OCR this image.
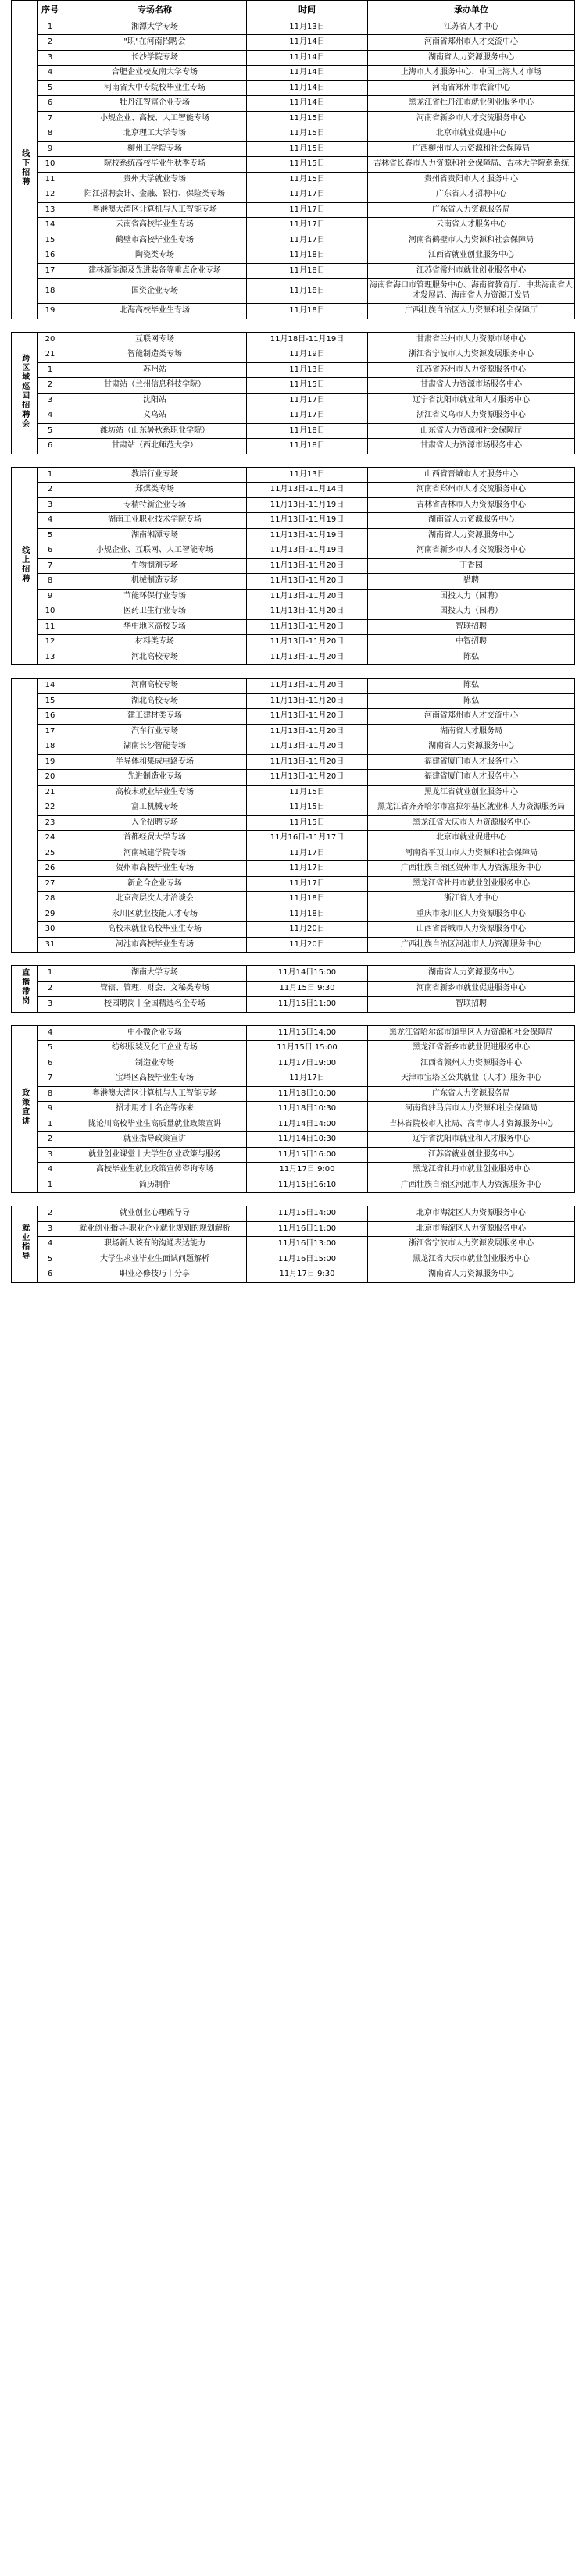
	序号	专场名称	时间	承办单位
线下招聘	1	湘潭大学专场	11月13日	江苏省人才中心
	2	"职"在河南招聘会	11月14日	河南省郑州市人才交流中心
	3	长沙学院专场	11月14日	湖南省人力资源服务中心
	4	合肥企业校友南大学专场	11月14日	上海市人才服务中心、中国上海人才市场
	5	河南省大中专院校毕业生专场	11月14日	河南省郑州市农管中心
	6	牡丹江智富企业专场	11月14日	黑龙江省牡丹江市就业创业服务中心
	7	小规企业、高校、人工智能专场	11月15日	河南省新乡市人才交流服务中心
	8	北京理工大学专场	11月15日	北京市就业促进中心
	9	柳州工学院专场	11月15日	广西柳州市人力资源和社会保障局
	10	院校系统高校毕业生秋季专场	11月15日	吉林省长春市人力资源和社会保障局、吉林大学院系系统
	11	贵州大学就业专场	11月15日	贵州省贵阳市人才服务中心
	12	阳江招聘会计、金融、银行、保险类专场	11月17日	广东省人才招聘中心
	13	粤港澳大湾区计算机与人工智能专场	11月17日	广东省人力资源服务局
	14	云南省高校毕业生专场	11月17日	云南省人才服务中心
	15	鹤壁市高校毕业生专场	11月17日	河南省鹤壁市人力资源和社会保障局
	16	陶瓷类专场	11月18日	江西省就业创业服务中心
	17	建林新能源及先进装备等重点企业专场	11月18日	江苏省常州市就业创业服务中心
	18	国资企业专场	11月18日	海南省海口市管理服务中心、海南省教育厅、中共海南省人才发展局、海南省人力资源开发局
	19	北海高校毕业生专场	11月18日	广西壮族自治区人力资源和社会保障厅
跨区域巡回招聘会	20	互联网专场	11月18日-11月19日	甘肃省兰州市人力资源市场中心
	21	智能制造类专场	11月19日	浙江省宁波市人力资源发展服务中心
	1	苏州站	11月13日	江苏省苏州市人力资源服务中心
	2	甘肃站（兰州信息科技学院）	11月15日	甘肃省人力资源市场服务中心
	3	沈阳站	11月17日	辽宁省沈阳市就业和人才服务中心
	4	义乌站	11月17日	浙江省义乌市人力资源服务中心
	5	潍坊站（山东暑秋系职业学院）	11月18日	山东省人力资源和社会保障厅
	6	甘肃站（西北师范大学）	11月18日	甘肃省人力资源市场服务中心
线上招聘	1	教培行业专场	11月13日	山西省晋城市人才服务中心
	2	郑煤类专场	11月13日-11月14日	河南省郑州市人才交流服务中心
	3	专精特新企业专场	11月13日-11月19日	吉林省吉林市人力资源服务中心
	4	湖南工业职业技术学院专场	11月13日-11月19日	湖南省人力资源服务中心
	5	湖南湘潭专场	11月13日-11月19日	湖南省人力资源服务中心
	6	小规企业、互联网、人工智能专场	11月13日-11月19日	河南省新乡市人才交流服务中心
	7	生物制剂专场	11月13日-11月20日	丁香园
	8	机械制造专场	11月13日-11月20日	猎聘
	9	节能环保行业专场	11月13日-11月20日	国投人力（园聘）
	10	医药卫生行业专场	11月13日-11月20日	国投人力（园聘）
	11	华中地区高校专场	11月13日-11月20日	智联招聘
	12	材料类专场	11月13日-11月20日	中智招聘
	13	河北高校专场	11月13日-11月20日	陈弘
	14	河南高校专场	11月13日-11月20日	陈弘
	15	湖北高校专场	11月13日-11月20日	陈弘
	16	建工建材类专场	11月13日-11月20日	河南省郑州市人才交流中心
	17	汽车行业专场	11月13日-11月20日	湖南省人才服务局
	18	湖南长沙智能专场	11月13日-11月20日	湖南省人力资源服务中心
	19	半导体和集成电路专场	11月13日-11月20日	福建省厦门市人才服务中心
	20	先进制造业专场	11月13日-11月20日	福建省厦门市人才服务中心
	21	高校未就业毕业生专场	11月15日	黑龙江省就业创业服务中心
	22	富工机械专场	11月15日	黑龙江省齐齐哈尔市富拉尔基区就业和人力资源服务局
	23	入企招聘专场	11月15日	黑龙江省大庆市人力资源服务中心
	24	首都经贸大学专场	11月16日-11月17日	北京市就业促进中心
	25	河南城建学院专场	11月17日	河南省平顶山市人力资源和社会保障局
	26	贺州市高校毕业生专场	11月17日	广西壮族自治区贺州市人力资源服务中心
	27	新企合企业专场	11月17日	黑龙江省牡丹市就业创业服务中心
	28	北京高层次人才洽谈会	11月18日	浙江省人才中心
	29	永川区就业技能人才专场	11月18日	重庆市永川区人力资源服务中心
	30	高校未就业高校毕业生专场	11月20日	山西省晋城市人力资源服务中心
	31	河池市高校毕业生专场	11月20日	广西壮族自治区河池市人力资源服务中心
直播带岗	1	湖南大学专场	11月14日15:00	湖南省人力资源服务中心
	2	管辖、管理、财会、文秘类专场	11月15日 9:30	河南省新乡市就业促进服务中心
	3	校园聘岗丨全国精选名企专场	11月15日11:00	智联招聘
政策宣讲	4	中小微企业专场	11月15日14:00	黑龙江省哈尔滨市道里区人力资源和社会保障局
	5	纺织服装及化工企业专场	11月15日 15:00	黑龙江省新乡市就业促进服务中心
	6	制造业专场	11月17日19:00	江西省赣州人力资源服务中心
	7	宝塔区高校毕业生专场	11月17日	天津市宝塔区公共就业（人才）服务中心
	8	粤港澳大湾区计算机与人工智能专场	11月18日10:00	广东省人力资源服务局
	9	招才用才丨名企等你来	11月18日10:30	河南省驻马店市人力资源和社会保障局
	1	陇论川高校毕业生高质量就业政策宣讲	11月14日14:00	吉林省院校市人社局、高青市人才资源服务中心
	2	就业指导政策宣讲	11月14日10:30	辽宁省沈阳市就业和人才服务中心
	3	就业创业课堂丨大学生创业政策与服务	11月15日16:00	江苏省就业创业服务中心
	4	高校毕业生就业政策宣传咨询专场	11月17日 9:00	黑龙江省牡丹市就业创业服务中心
	1	简历制作	11月15日16:10	广西壮族自治区河池市人力资源服务中心
就业指导	2	就业创业心理疏导导	11月15日14:00	北京市海淀区人力资源服务中心
	3	就业创业指导-职业企业就业规划的规划解析	11月16日11:00	北京市海淀区人力资源服务中心
	4	职场新人该有的沟通表达能力	11月16日13:00	浙江省宁波市人力资源发展服务中心
	5	大学生求业毕业生面试问题解析	11月16日15:00	黑龙江省大庆市就业创业服务中心
	6	职业必修技巧丨分享	11月17日 9:30	湖南省人力资源服务中心
